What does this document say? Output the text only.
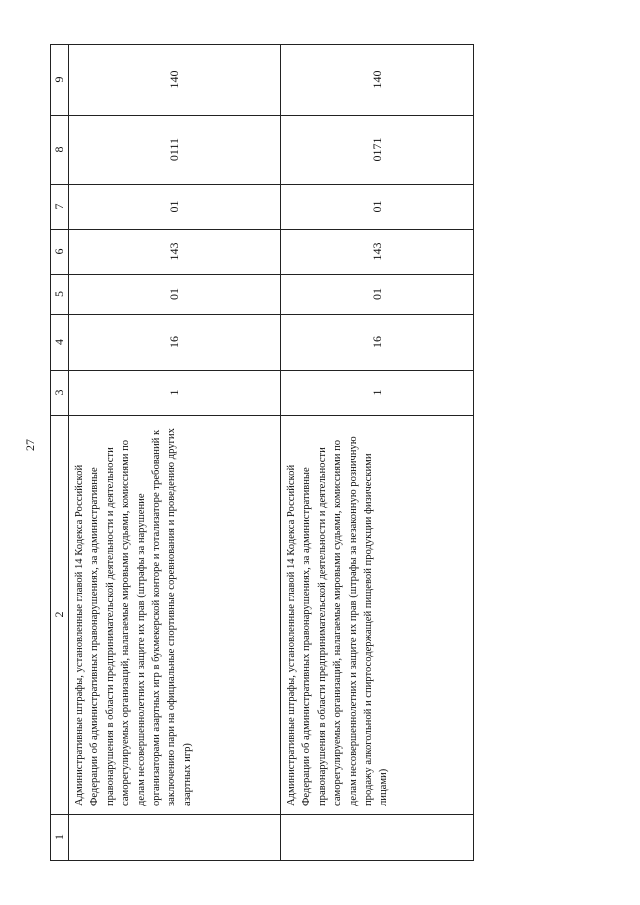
27
9
8
7
6
5
4
3
2
1
140
0111
01
143
01
16
1
Административные штрафы, установленные главой 14 Кодекса Российской Федерации об административных правонарушениях, за административные правонарушения в области предпринимательской деятельности и деятельности саморегулируемых организаций, налагаемые мировыми судьями, комиссиями по делам несовершеннолетних и защите их прав (штрафы за нарушение организаторами азартных игр в букмекерской конторе и тотализаторе требований к заключению пари на официальные спортивные соревнования и проведению других азартных игр)
140
0171
01
143
01
16
1
Административные штрафы, установленные главой 14 Кодекса Российской Федерации об административных правонарушениях, за административные правонарушения в области предпринимательской деятельности и деятельности саморегулируемых организаций, налагаемые мировыми судьями, комиссиями по делам несовершеннолетних и защите их прав (штрафы за незаконную розничную продажу алкогольной и спиртосодержащей пищевой продукции физическими лицами)
